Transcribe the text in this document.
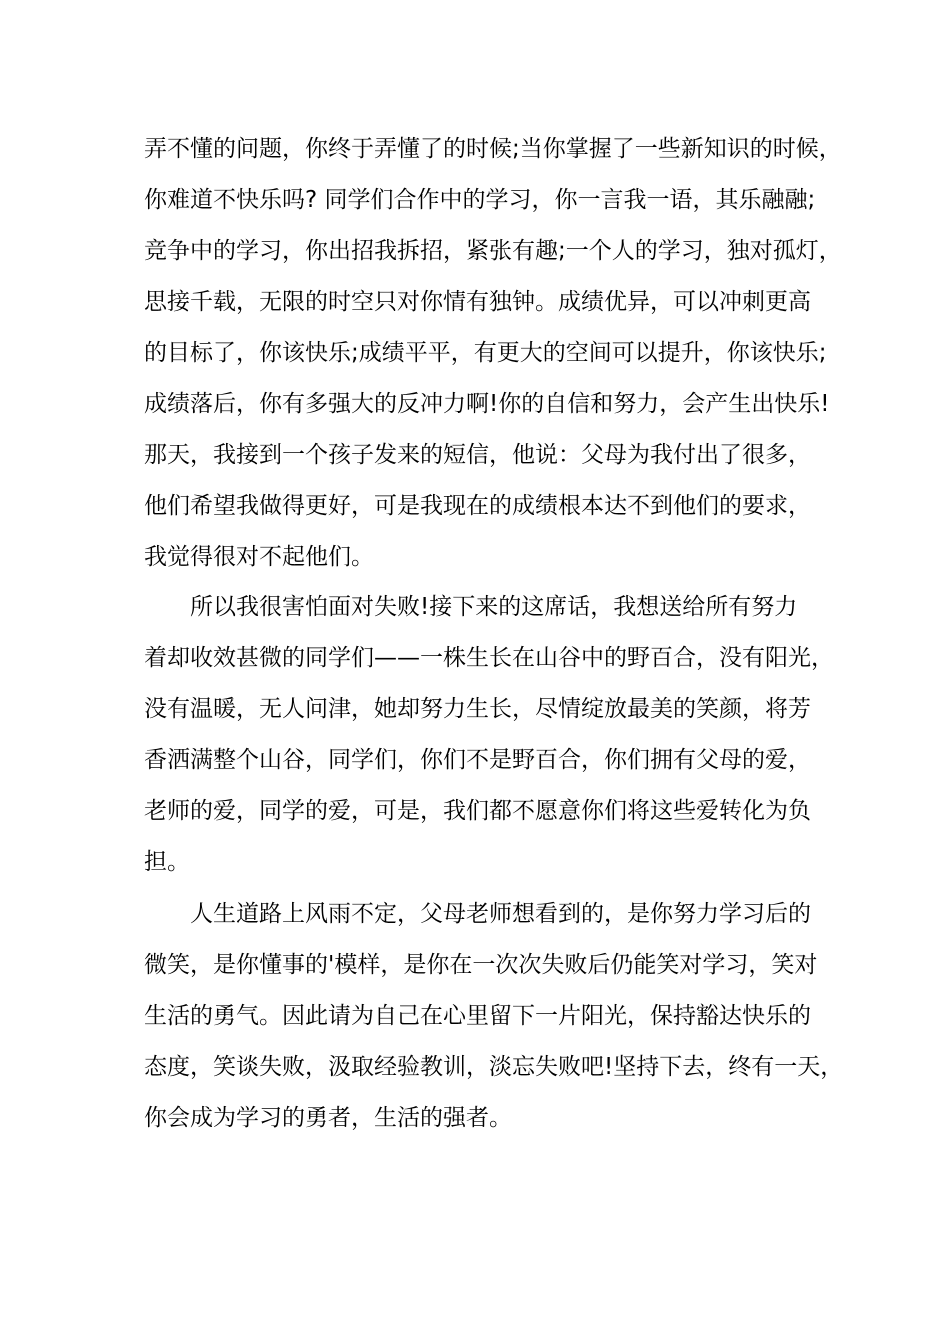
弄不懂的问题，你终于弄懂了的时候;当你掌握了一些新知识的时候，
你难道不快乐吗? 同学们合作中的学习，你一言我一语，其乐融融;
竞争中的学习，你出招我拆招，紧张有趣;一个人的学习，独对孤灯，
思接千载，无限的时空只对你情有独钟。成绩优异，可以冲刺更高
的目标了，你该快乐;成绩平平，有更大的空间可以提升，你该快乐;
成绩落后，你有多强大的反冲力啊!你的自信和努力，会产生出快乐!
那天，我接到一个孩子发来的短信，他说：父母为我付出了很多，
他们希望我做得更好，可是我现在的成绩根本达不到他们的要求，
我觉得很对不起他们。
　　所以我很害怕面对失败!接下来的这席话，我想送给所有努力
着却收效甚微的同学们——一株生长在山谷中的野百合，没有阳光，
没有温暖，无人问津，她却努力生长，尽情绽放最美的笑颜，将芳
香洒满整个山谷，同学们，你们不是野百合，你们拥有父母的爱，
老师的爱，同学的爱，可是，我们都不愿意你们将这些爱转化为负
担。
　　人生道路上风雨不定，父母老师想看到的，是你努力学习后的
微笑，是你懂事的'模样，是你在一次次失败后仍能笑对学习，笑对
生活的勇气。因此请为自己在心里留下一片阳光，保持豁达快乐的
态度，笑谈失败，汲取经验教训，淡忘失败吧!坚持下去，终有一天，
你会成为学习的勇者，生活的强者。
